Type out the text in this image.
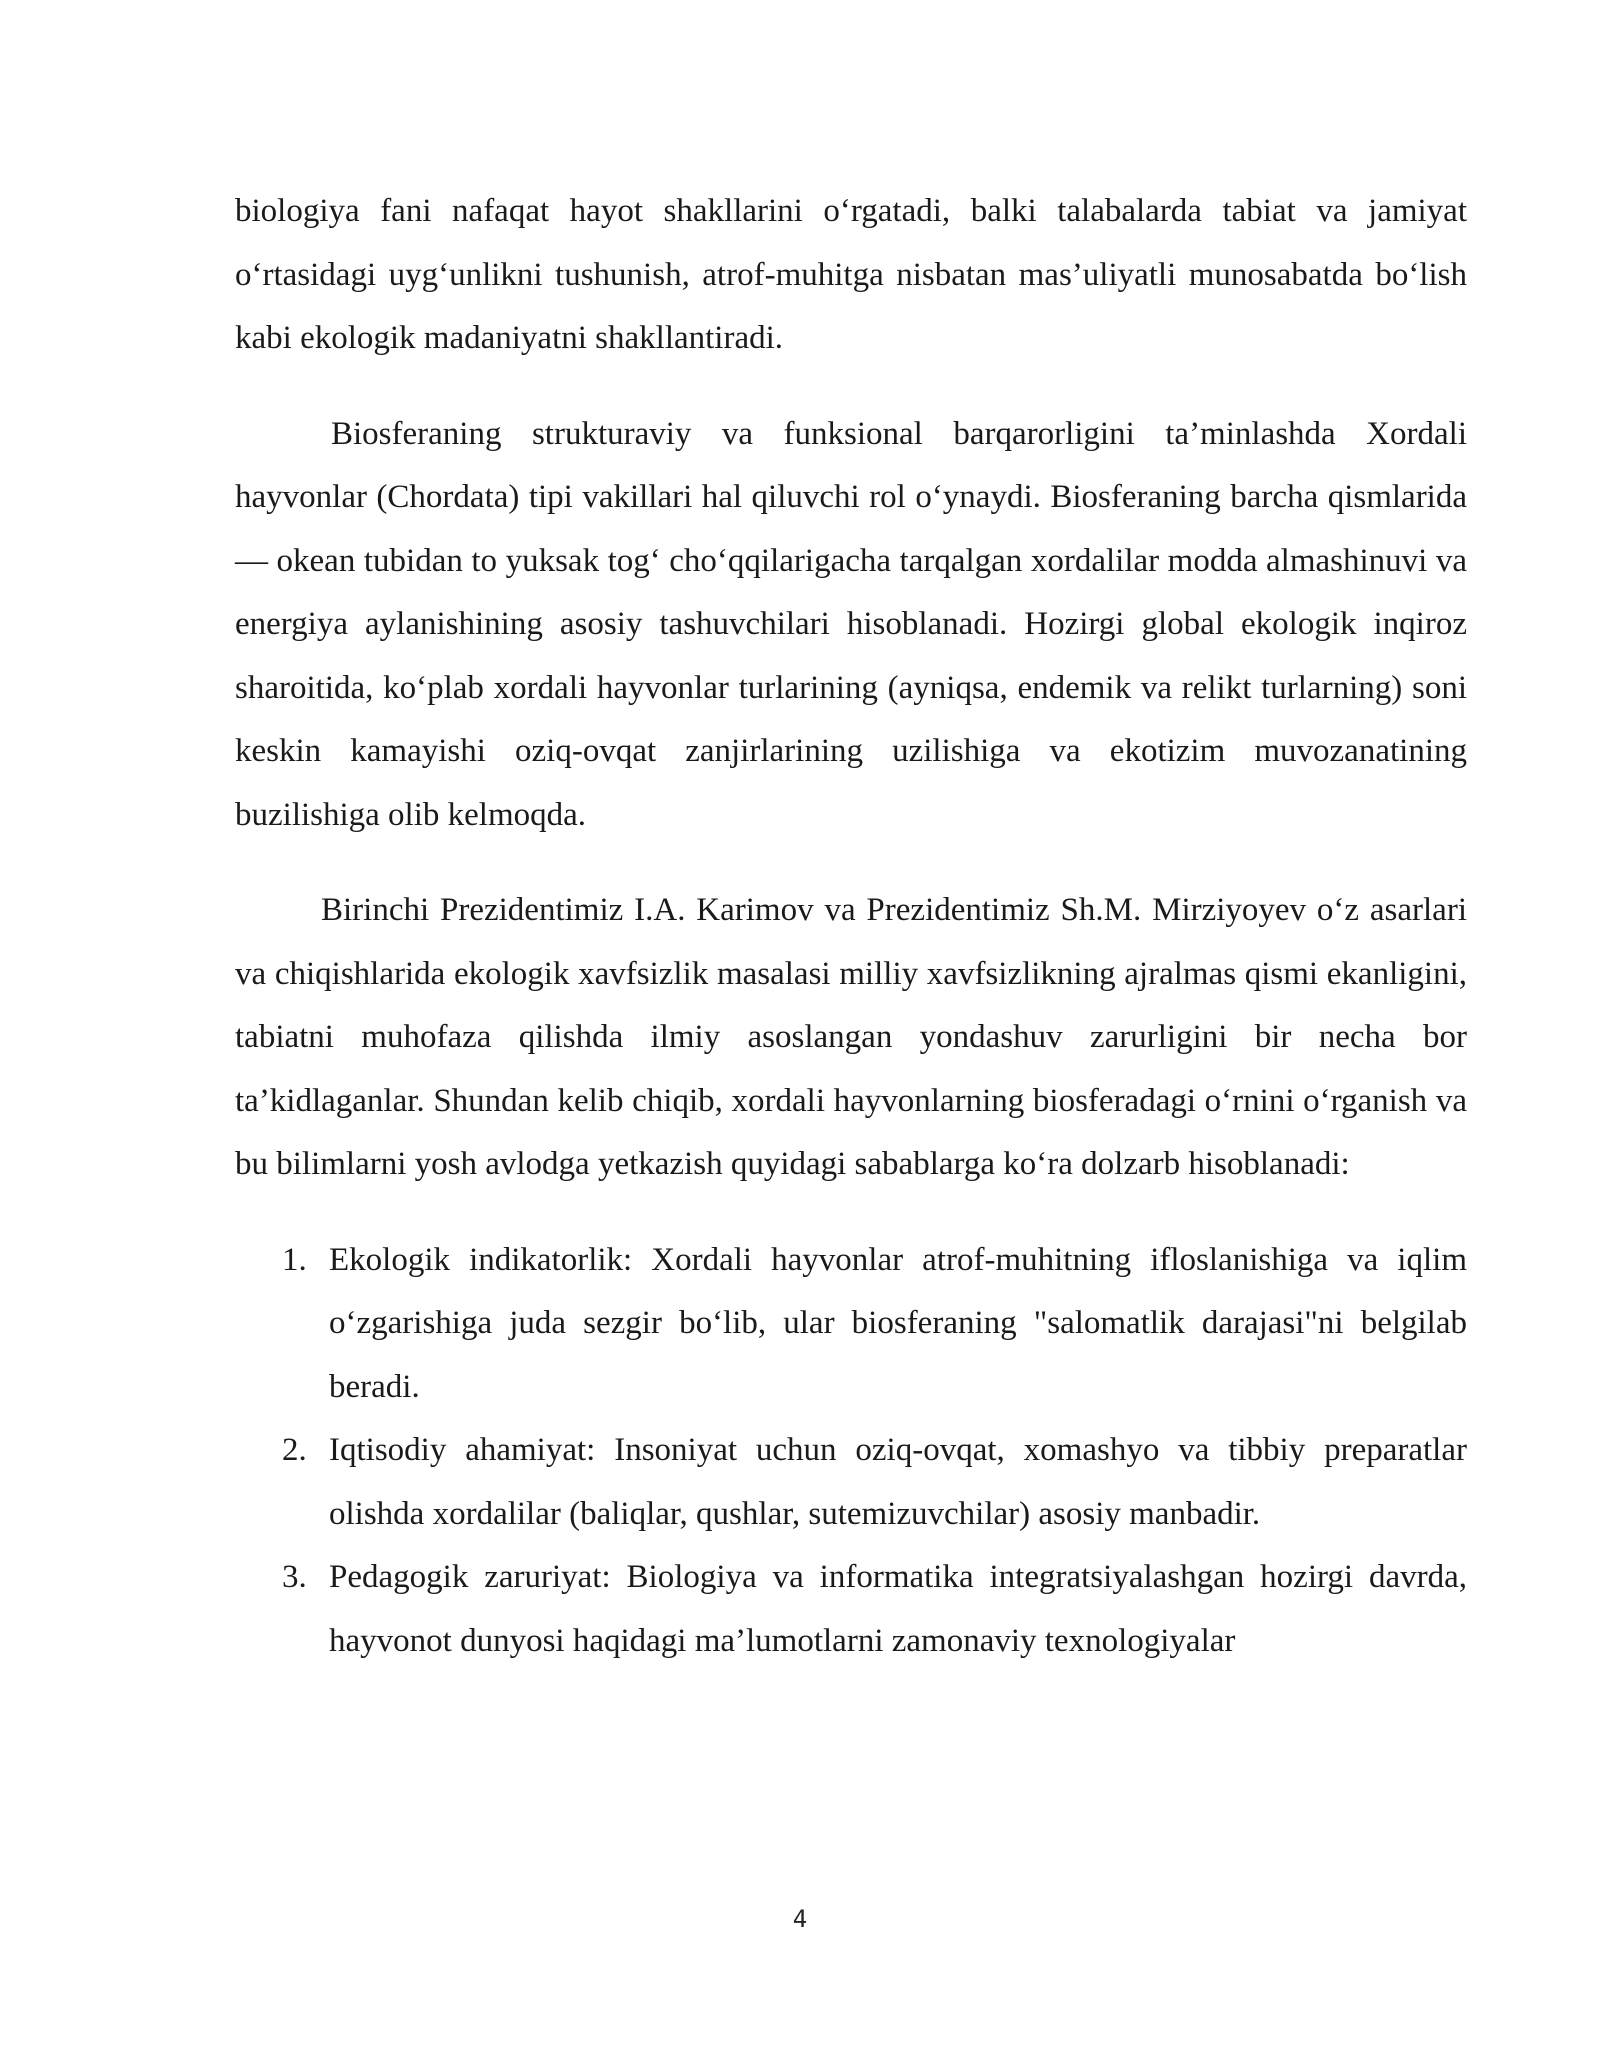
biologiya fani nafaqat hayot shakllarini o‘rgatadi, balki talabalarda tabiat va jamiyat o‘rtasidagi uyg‘unlikni tushunish, atrof-muhitga nisbatan mas’uliyatli munosabatda bo‘lish kabi ekologik madaniyatni shakllantiradi.

Biosferaning strukturaviy va funksional barqarorligini ta’minlashda Xordali hayvonlar (Chordata) tipi vakillari hal qiluvchi rol o‘ynaydi. Biosferaning barcha qismlarida — okean tubidan to yuksak tog‘ cho‘qqilarigacha tarqalgan xordalilar modda almashinuvi va energiya aylanishining asosiy tashuvchilari hisoblanadi. Hozirgi global ekologik inqiroz sharoitida, ko‘plab xordali hayvonlar turlarining (ayniqsa, endemik va relikt turlarning) soni keskin kamayishi oziq-ovqat zanjirlarining uzilishiga va ekotizim muvozanatining buzilishiga olib kelmoqda.

Birinchi Prezidentimiz I.A. Karimov va Prezidentimiz Sh.M. Mirziyoyev o‘z asarlari va chiqishlarida ekologik xavfsizlik masalasi milliy xavfsizlikning ajralmas qismi ekanligini, tabiatni muhofaza qilishda ilmiy asoslangan yondashuv zarurligini bir necha bor ta’kidlaganlar. Shundan kelib chiqib, xordali hayvonlarning biosferadagi o‘rnini o‘rganish va bu bilimlarni yosh avlodga yetkazish quyidagi sabablarga ko‘ra dolzarb hisoblanadi:

1. Ekologik indikatorlik: Xordali hayvonlar atrof-muhitning ifloslanishiga va iqlim o‘zgarishiga juda sezgir bo‘lib, ular biosferaning "salomatlik darajasi"ni belgilab beradi.
2. Iqtisodiy ahamiyat: Insoniyat uchun oziq-ovqat, xomashyo va tibbiy preparatlar olishda xordalilar (baliqlar, qushlar, sutemizuvchilar) asosiy manbadir.
3. Pedagogik zaruriyat: Biologiya va informatika integratsiyalashgan hozirgi davrda, hayvonot dunyosi haqidagi ma’lumotlarni zamonaviy texnologiyalar
4
